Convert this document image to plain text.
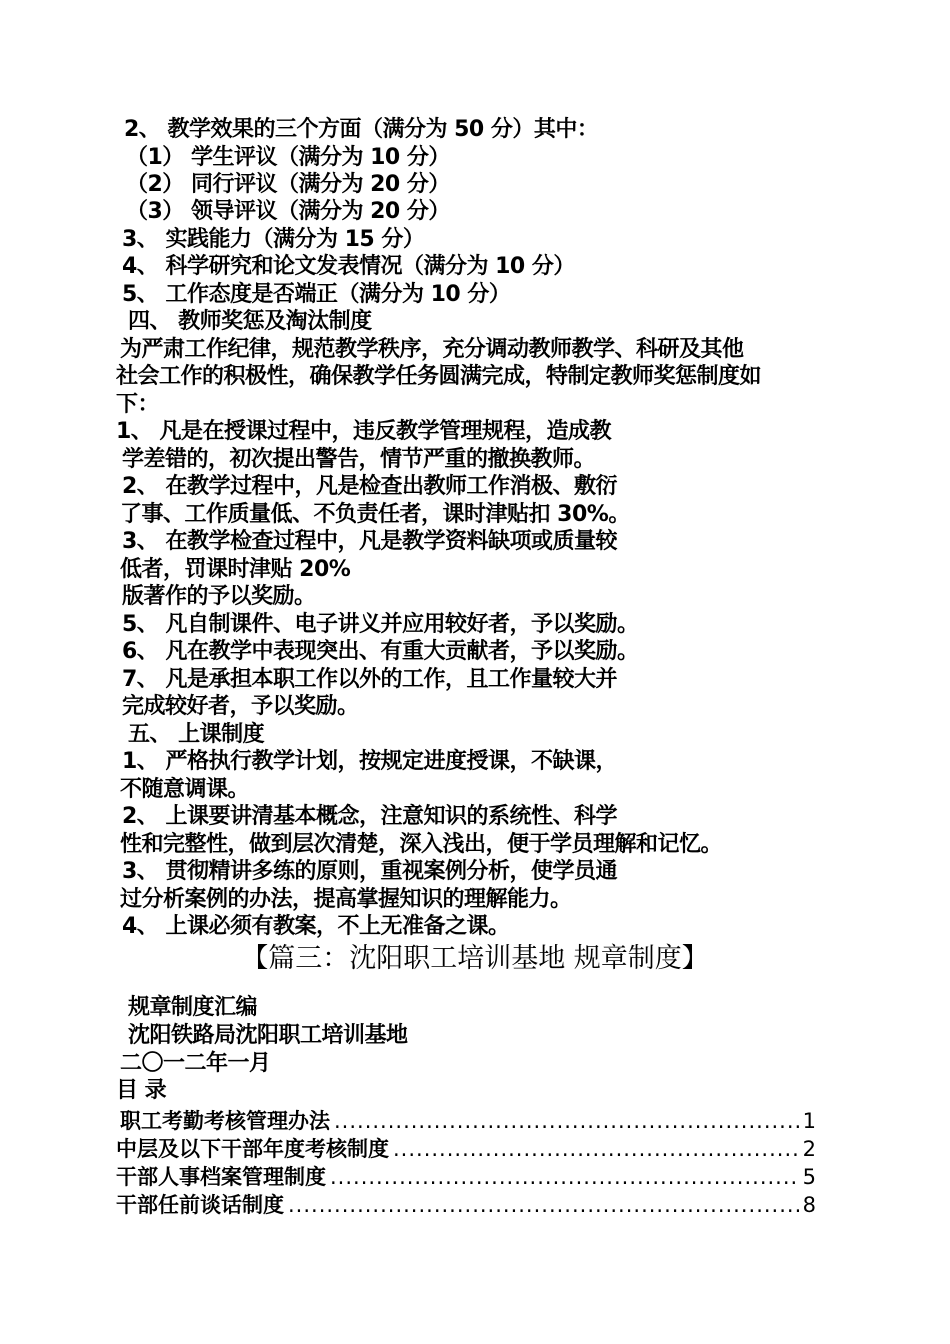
2、 教学效果的三个方面（满分为 50 分）其中：
（1） 学生评议（满分为 10 分）
（2） 同行评议（满分为 20 分）
（3） 领导评议（满分为 20 分）
3、 实践能力（满分为 15 分）
4、 科学研究和论文发表情况（满分为 10 分）
5、 工作态度是否端正（满分为 10 分）
四、 教师奖惩及淘汰制度
为严肃工作纪律，规范教学秩序，充分调动教师教学、科研及其他
社会工作的积极性，确保教学任务圆满完成，特制定教师奖惩制度如
下：
1、 凡是在授课过程中，违反教学管理规程，造成教
学差错的，初次提出警告，情节严重的撤换教师。
2、 在教学过程中，凡是检查出教师工作消极、敷衍
了事、工作质量低、不负责任者，课时津贴扣 30%。
3、 在教学检查过程中，凡是教学资料缺项或质量较
低者，罚课时津贴 20%
版著作的予以奖励。
5、 凡自制课件、电子讲义并应用较好者，予以奖励。
6、 凡在教学中表现突出、有重大贡献者，予以奖励。
7、 凡是承担本职工作以外的工作，且工作量较大并
完成较好者，予以奖励。
五、 上课制度
1、 严格执行教学计划，按规定进度授课，不缺课，
不随意调课。
2、 上课要讲清基本概念，注意知识的系统性、科学
性和完整性，做到层次清楚，深入浅出，便于学员理解和记忆。
3、 贯彻精讲多练的原则，重视案例分析，使学员通
过分析案例的办法，提高掌握知识的理解能力。
4、 上课必须有教案，不上无准备之课。
【篇三：沈阳职工培训基地 规章制度】
规章制度汇编
沈阳铁路局沈阳职工培训基地
二〇一二年一月
目 录
职工考勤考核管理办法 .....	1
中层及以下干部年度考核制度 .....	2
干部人事档案管理制度 .....	5
干部任前谈话制度 .....	8
